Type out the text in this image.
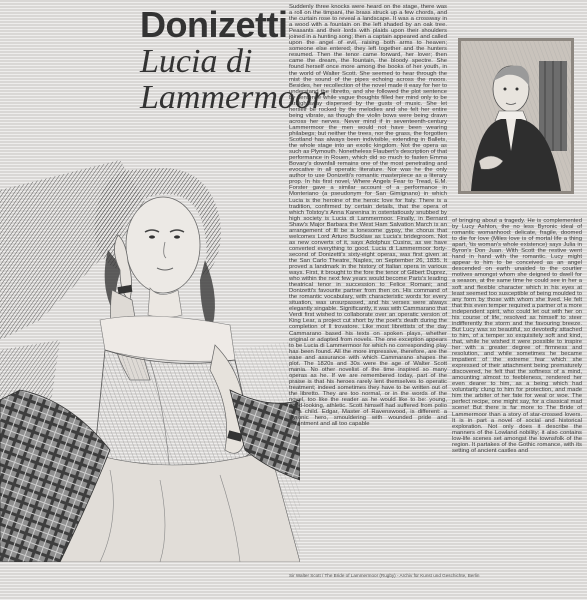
Donizetti
Lucia di
Lammermoor
Suddenly three knocks were heard on the stage, there was a roll on the timpani, the brass struck up a few chords, and the curtain rose to reveal a landscape. It was a crossway in a wood with a fountain on the left shaded by an oak tree. Peasants and their lords with plaids upon their shoulders joined in a hunting song; then a captain appeared and called upon the angel of evil, raising both arms to heaven; someone else entered; they left together and the hunters resumed. Then the tenor came forward, her lover; then came the dream, the fountain, the bloody spectre. She found herself once more among the books of her youth, in the world of Walter Scott. She seemed to hear through the mist the sound of the pipes echoing across the moors. Besides, her recollection of the novel made it easy for her to understand the libretto, and she followed the plot sentence by sentence while vague thoughts filled her mind only to be straightaway dispersed by the gusts of music. She let herself be rocked by the melodies and she felt her entire being vibrate, as though the violin bows were being drawn across her nerves. Never mind if in seventeenth-century Lammermoor the men would not have been wearing philabegs; but neither the trees, nor the grass, the forgotten Scotland has always been indivisible, extending in Ballets, the whole stage into an exotic kingdom. Not the opera as such as Plymouth. Nonetheless Flaubert's description of that performance in Rouen, which did so much to fasten Emma Bovary's downfall remains one of the most penetrating and evocative in all operatic literature. Nor was he the only author to use Donizetti's romantic masterpiece as a literary prop. In his first novel, Where Angels Fear to Tread, E.M. Forster gave a similar account of a performance in Monteriano (a pseudonym for San Gimignano) in which Lucia is the heroine of the heroic love for Italy. There is a tradition, confirmed by certain details, that the opera of which Tolstoy's Anna Karenina in ostentatiously snubbed by high society is Lucia di Lammermoor. Finally, in Bernard Shaw's Major Barbara the West Ham Salvation March is an arrangement of Ill be a lonesome gypsy, the chorus that welcomes Lord Arturo Bucklaw as Lucia's bridegroom. Not as new converts of it, says Adolphus Cusins, as we have converted everything to good. Lucia di Lammermoor forty-second of Donizetti's sixty-eight operas, was first given at the San Carlo Theatre, Naples, on September 26, 1835. It proved a landmark in the history of Italian opera in various ways. First, it brought to the fore the tenor of Gilbert Duprez, who within the next few years would become Paris's leading theatrical tenor in succession to Felice Romani; and Donizetti's favourite partner from then on. His command of the romantic vocabulary, with characteristic words for every situation, was unsurpassed, and his verses were always elegantly singable. Significantly, it was with Cammarano that Verdi first wished to collaborate over an operatic version of King Lear, a project cut short by the poet's death during the completion of Il trovatore. Like most librettists of the day Cammarano based his texts on spoken plays, whether original or adapted from novels. The one exception appears to be Lucia di Lammermoor for which no corresponding play has been found. All the more impressive, therefore, are the ease and assurance with which Cammarano shapes the plot. The 1820s and 30s were the age of Walter Scott mania. No other novelist of the time inspired so many operas as he. If we are remembered today, part of the praise is that his heroes rarely lent themselves to operatic treatment; indeed sometimes they have to be written out of the libretto. They are too normal, or in the words of the novel, too like the reader as he would like to be: young, good-looking, athletic. Scott himself had suffered from polio as a child. Edgar, Master of Ravenswood, is different: a Byronic hero, smouldering with wounded pride and resentment and all too capable
of bringing about a tragedy. He is complemented by Lucy Ashton, the no less Byronic ideal of romantic womanhood: delicate, fragile, doomed to die for love (Miles love is of mortal life a thing apart, 'tis woman's whole existence) says Julia in Byron's Don Juan. With Scott the restive went hand in hand with the romantic. Lucy might appear to him to be conceived as an angel descended on earth unaided to the courtier motives amongst whom she deigned to dwell for a season, at the same time he could see in her a soft and flexible character which in his eyes at least seemed too susceptible of being moulded to any form by those with whom she lived. He felt that this even temper required a partner of a more independent spirit, who could let out with her on his course of life, resolved as himself to steer indifferently the storm and the favouring breeze. But Lucy was so beautiful, so devotedly attached to him, of a temper so exquisitely soft and kind, that, while he wished it were possible to inspire her with a greater degree of firmness and resolution, and while sometimes he became impatient of the extreme fear which she expressed of their attachment being prematurely discovered, he felt that the softness of a mind, amounting almost to feebleness, rendered her even dearer to him, as a being which had voluntarily clung to him for protection, and made him the arbiter of her fate for weal or woe. The perfect recipe, one might say, for a classical mad scene! But there is far more to The Bride of Lammermoor than a story of star-crossed lovers. It is in part a novel of social and historical exploration. Not only does it describe the manners of the Lowland nobility; it also contains low-life scenes set amongst the townsfolk of the region. It partakes of the Gothic romance, with its setting of ancient castles and
Sir Walter Scott / The Bride of Lammermoor (Rugby) - Archiv für Kunst und Geschichte, Berlin
